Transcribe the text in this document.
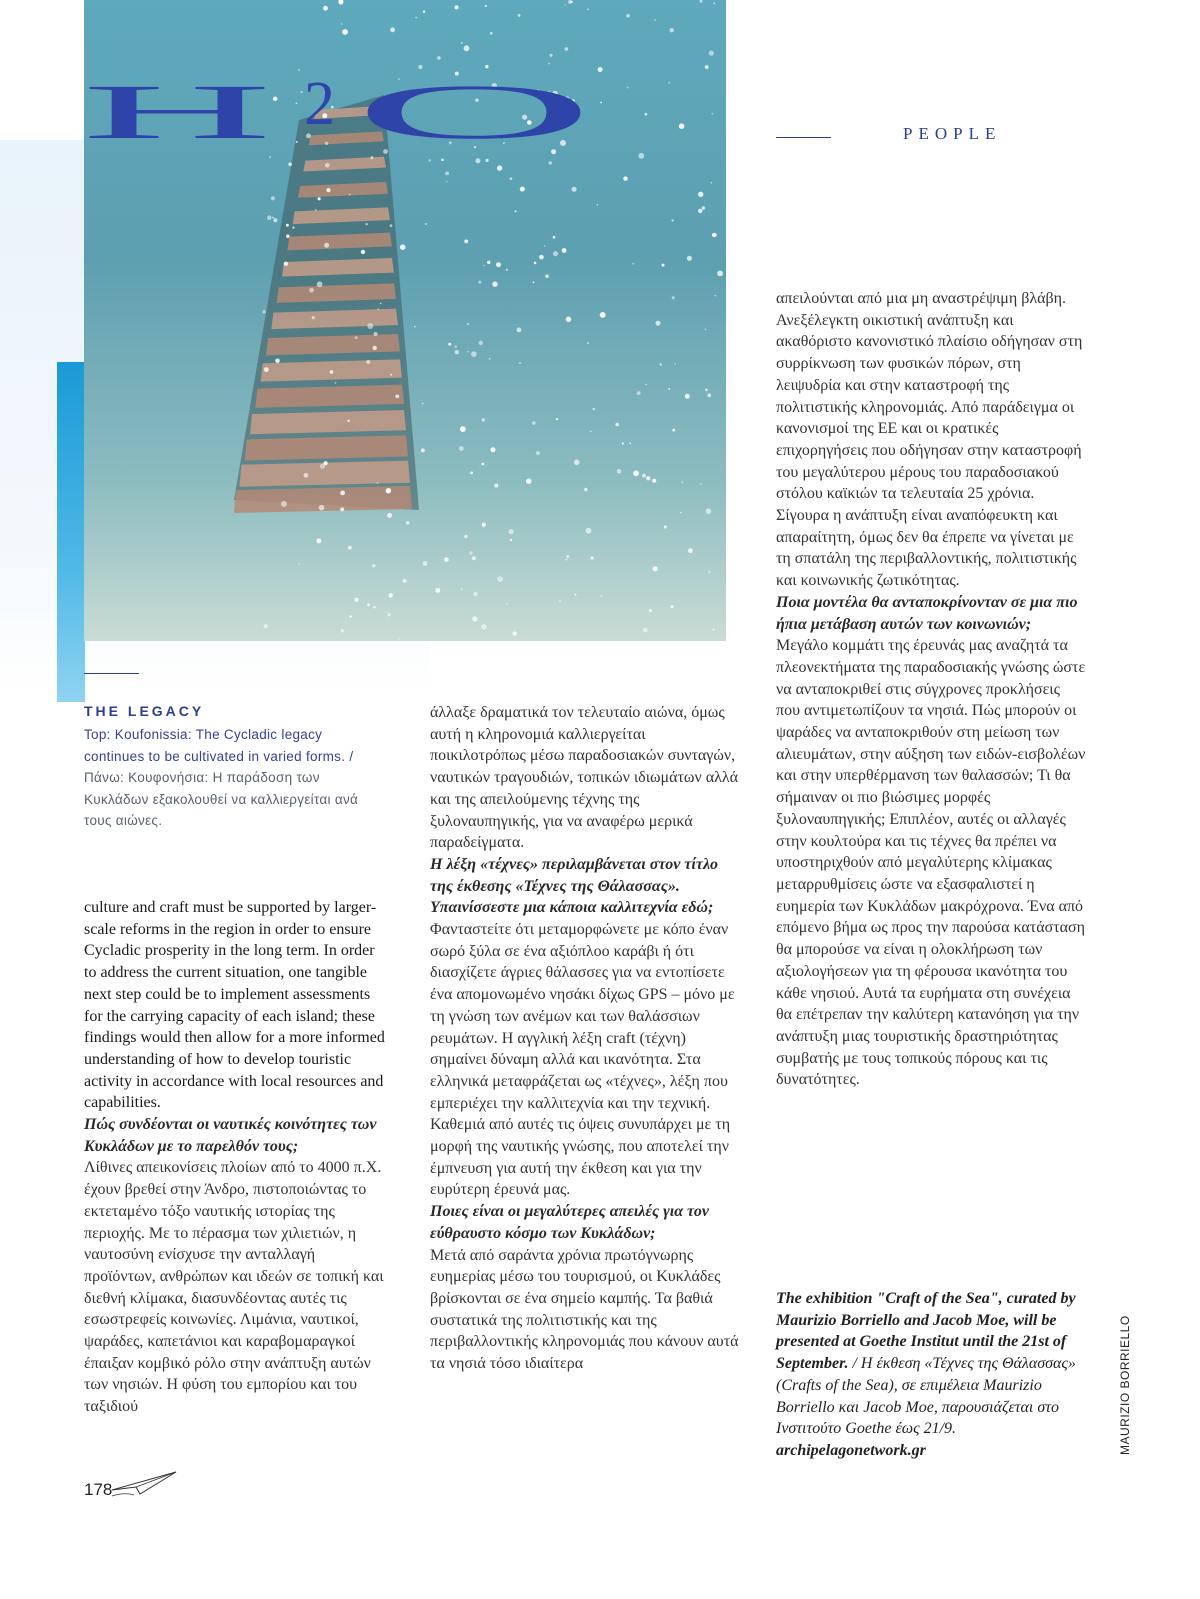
H 2 O	PEOPLE
THE LEGACY
Top: Koufonissia: The Cycladic legacy continues to be cultivated in varied forms. / Πάνω: Κουφονήσια: Η παράδοση των Κυκλάδων εξακολουθεί να καλλιεργείται ανά τους αιώνες.
culture and craft must be supported by larger-scale reforms in the region in order to ensure Cycladic prosperity in the long term. In order to address the current situation, one tangible next step could be to implement assessments for the carrying capacity of each island; these findings would then allow for a more informed understanding of how to develop touristic activity in accordance with local resources and capabilities.
Πώς συνδέονται οι ναυτικές κοινότητες των Κυκλάδων με το παρελθόν τους;
Λίθινες απεικονίσεις πλοίων από το 4000 π.Χ. έχουν βρεθεί στην Άνδρο, πιστοποιώντας το εκτεταμένο τόξο ναυτικής ιστορίας της περιοχής. Με το πέρασμα των χιλιετιών, η ναυτοσύνη ενίσχυσε την ανταλλαγή προϊόντων, ανθρώπων και ιδεών σε τοπική και διεθνή κλίμακα, διασυνδέοντας αυτές τις εσωστρεφείς κοινωνίες. Λιμάνια, ναυτικοί, ψαράδες, καπετάνιοι και καραβομαραγκοί έπαιξαν κομβικό ρόλο στην ανάπτυξη αυτών των νησιών. Η φύση του εμπορίου και του ταξιδιού
άλλαξε δραματικά τον τελευταίο αιώνα, όμως αυτή η κληρονομιά καλλιεργείται ποικιλοτρόπως μέσω παραδοσιακών συνταγών, ναυτικών τραγουδιών, τοπικών ιδιωμάτων αλλά και της απειλούμενης τέχνης της ξυλοναυπηγικής, για να αναφέρω μερικά παραδείγματα.
Η λέξη «τέχνες» περιλαμβάνεται στον τίτλο της έκθεσης «Τέχνες της Θάλασσας». Υπαινίσσεστε μια κάποια καλλιτεχνία εδώ;
Φανταστείτε ότι μεταμορφώνετε με κόπο έναν σωρό ξύλα σε ένα αξιόπλοο καράβι ή ότι διασχίζετε άγριες θάλασσες για να εντοπίσετε ένα απομονωμένο νησάκι δίχως GPS – μόνο με τη γνώση των ανέμων και των θαλάσσιων ρευμάτων. Η αγγλική λέξη craft (τέχνη) σημαίνει δύναμη αλλά και ικανότητα. Στα ελληνικά μεταφράζεται ως «τέχνες», λέξη που εμπεριέχει την καλλιτεχνία και την τεχνική. Καθεμιά από αυτές τις όψεις συνυπάρχει με τη μορφή της ναυτικής γνώσης, που αποτελεί την έμπνευση για αυτή την έκθεση και για την ευρύτερη έρευνά μας.
Ποιες είναι οι μεγαλύτερες απειλές για τον εύθραυστο κόσμο των Κυκλάδων;
Μετά από σαράντα χρόνια πρωτόγνωρης ευημερίας μέσω του τουρισμού, οι Κυκλάδες βρίσκονται σε ένα σημείο καμπής. Τα βαθιά συστατικά της πολιτιστικής και της περιβαλλοντικής κληρονομιάς που κάνουν αυτά τα νησιά τόσο ιδιαίτερα
απειλούνται από μια μη αναστρέψιμη βλάβη. Ανεξέλεγκτη οικιστική ανάπτυξη και ακαθόριστο κανονιστικό πλαίσιο οδήγησαν στη συρρίκνωση των φυσικών πόρων, στη λειψυδρία και στην καταστροφή της πολιτιστικής κληρονομιάς. Από παράδειγμα οι κανονισμοί της ΕΕ και οι κρατικές επιχορηγήσεις που οδήγησαν στην καταστροφή του μεγαλύτερου μέρους του παραδοσιακού στόλου καϊκιών τα τελευταία 25 χρόνια. Σίγουρα η ανάπτυξη είναι αναπόφευκτη και απαραίτητη, όμως δεν θα έπρεπε να γίνεται με τη σπατάλη της περιβαλλοντικής, πολιτιστικής και κοινωνικής ζωτικότητας.
Ποια μοντέλα θα ανταποκρίνονταν σε μια πιο ήπια μετάβαση αυτών των κοινωνιών;
Μεγάλο κομμάτι της έρευνάς μας αναζητά τα πλεονεκτήματα της παραδοσιακής γνώσης ώστε να ανταποκριθεί στις σύγχρονες προκλήσεις που αντιμετωπίζουν τα νησιά. Πώς μπορούν οι ψαράδες να ανταποκριθούν στη μείωση των αλιευμάτων, στην αύξηση των ειδών-εισβολέων και στην υπερθέρμανση των θαλασσών; Τι θα σήμαιναν οι πιο βιώσιμες μορφές ξυλοναυπηγικής; Επιπλέον, αυτές οι αλλαγές στην κουλτούρα και τις τέχνες θα πρέπει να υποστηριχθούν από μεγαλύτερης κλίμακας μεταρρυθμίσεις ώστε να εξασφαλιστεί η ευημερία των Κυκλάδων μακρόχρονα. Ένα από επόμενο βήμα ως προς την παρούσα κατάσταση θα μπορούσε να είναι η ολοκλήρωση των αξιολογήσεων για τη φέρουσα ικανότητα του κάθε νησιού. Αυτά τα ευρήματα στη συνέχεια θα επέτρεπαν την καλύτερη κατανόηση για την ανάπτυξη μιας τουριστικής δραστηριότητας συμβατής με τους τοπικούς πόρους και τις δυνατότητες.
The exhibition "Craft of the Sea", curated by Maurizio Borriello and Jacob Moe, will be presented at Goethe Institut until the 21st of September. / Η έκθεση «Τέχνες της Θάλασσας» (Crafts of the Sea), σε επιμέλεια Maurizio Borriello και Jacob Moe, παρουσιάζεται στο Ινστιτούτο Goethe έως 21/9. archipelagonetwork.gr	MAURIZIO BORRIELLO
178
